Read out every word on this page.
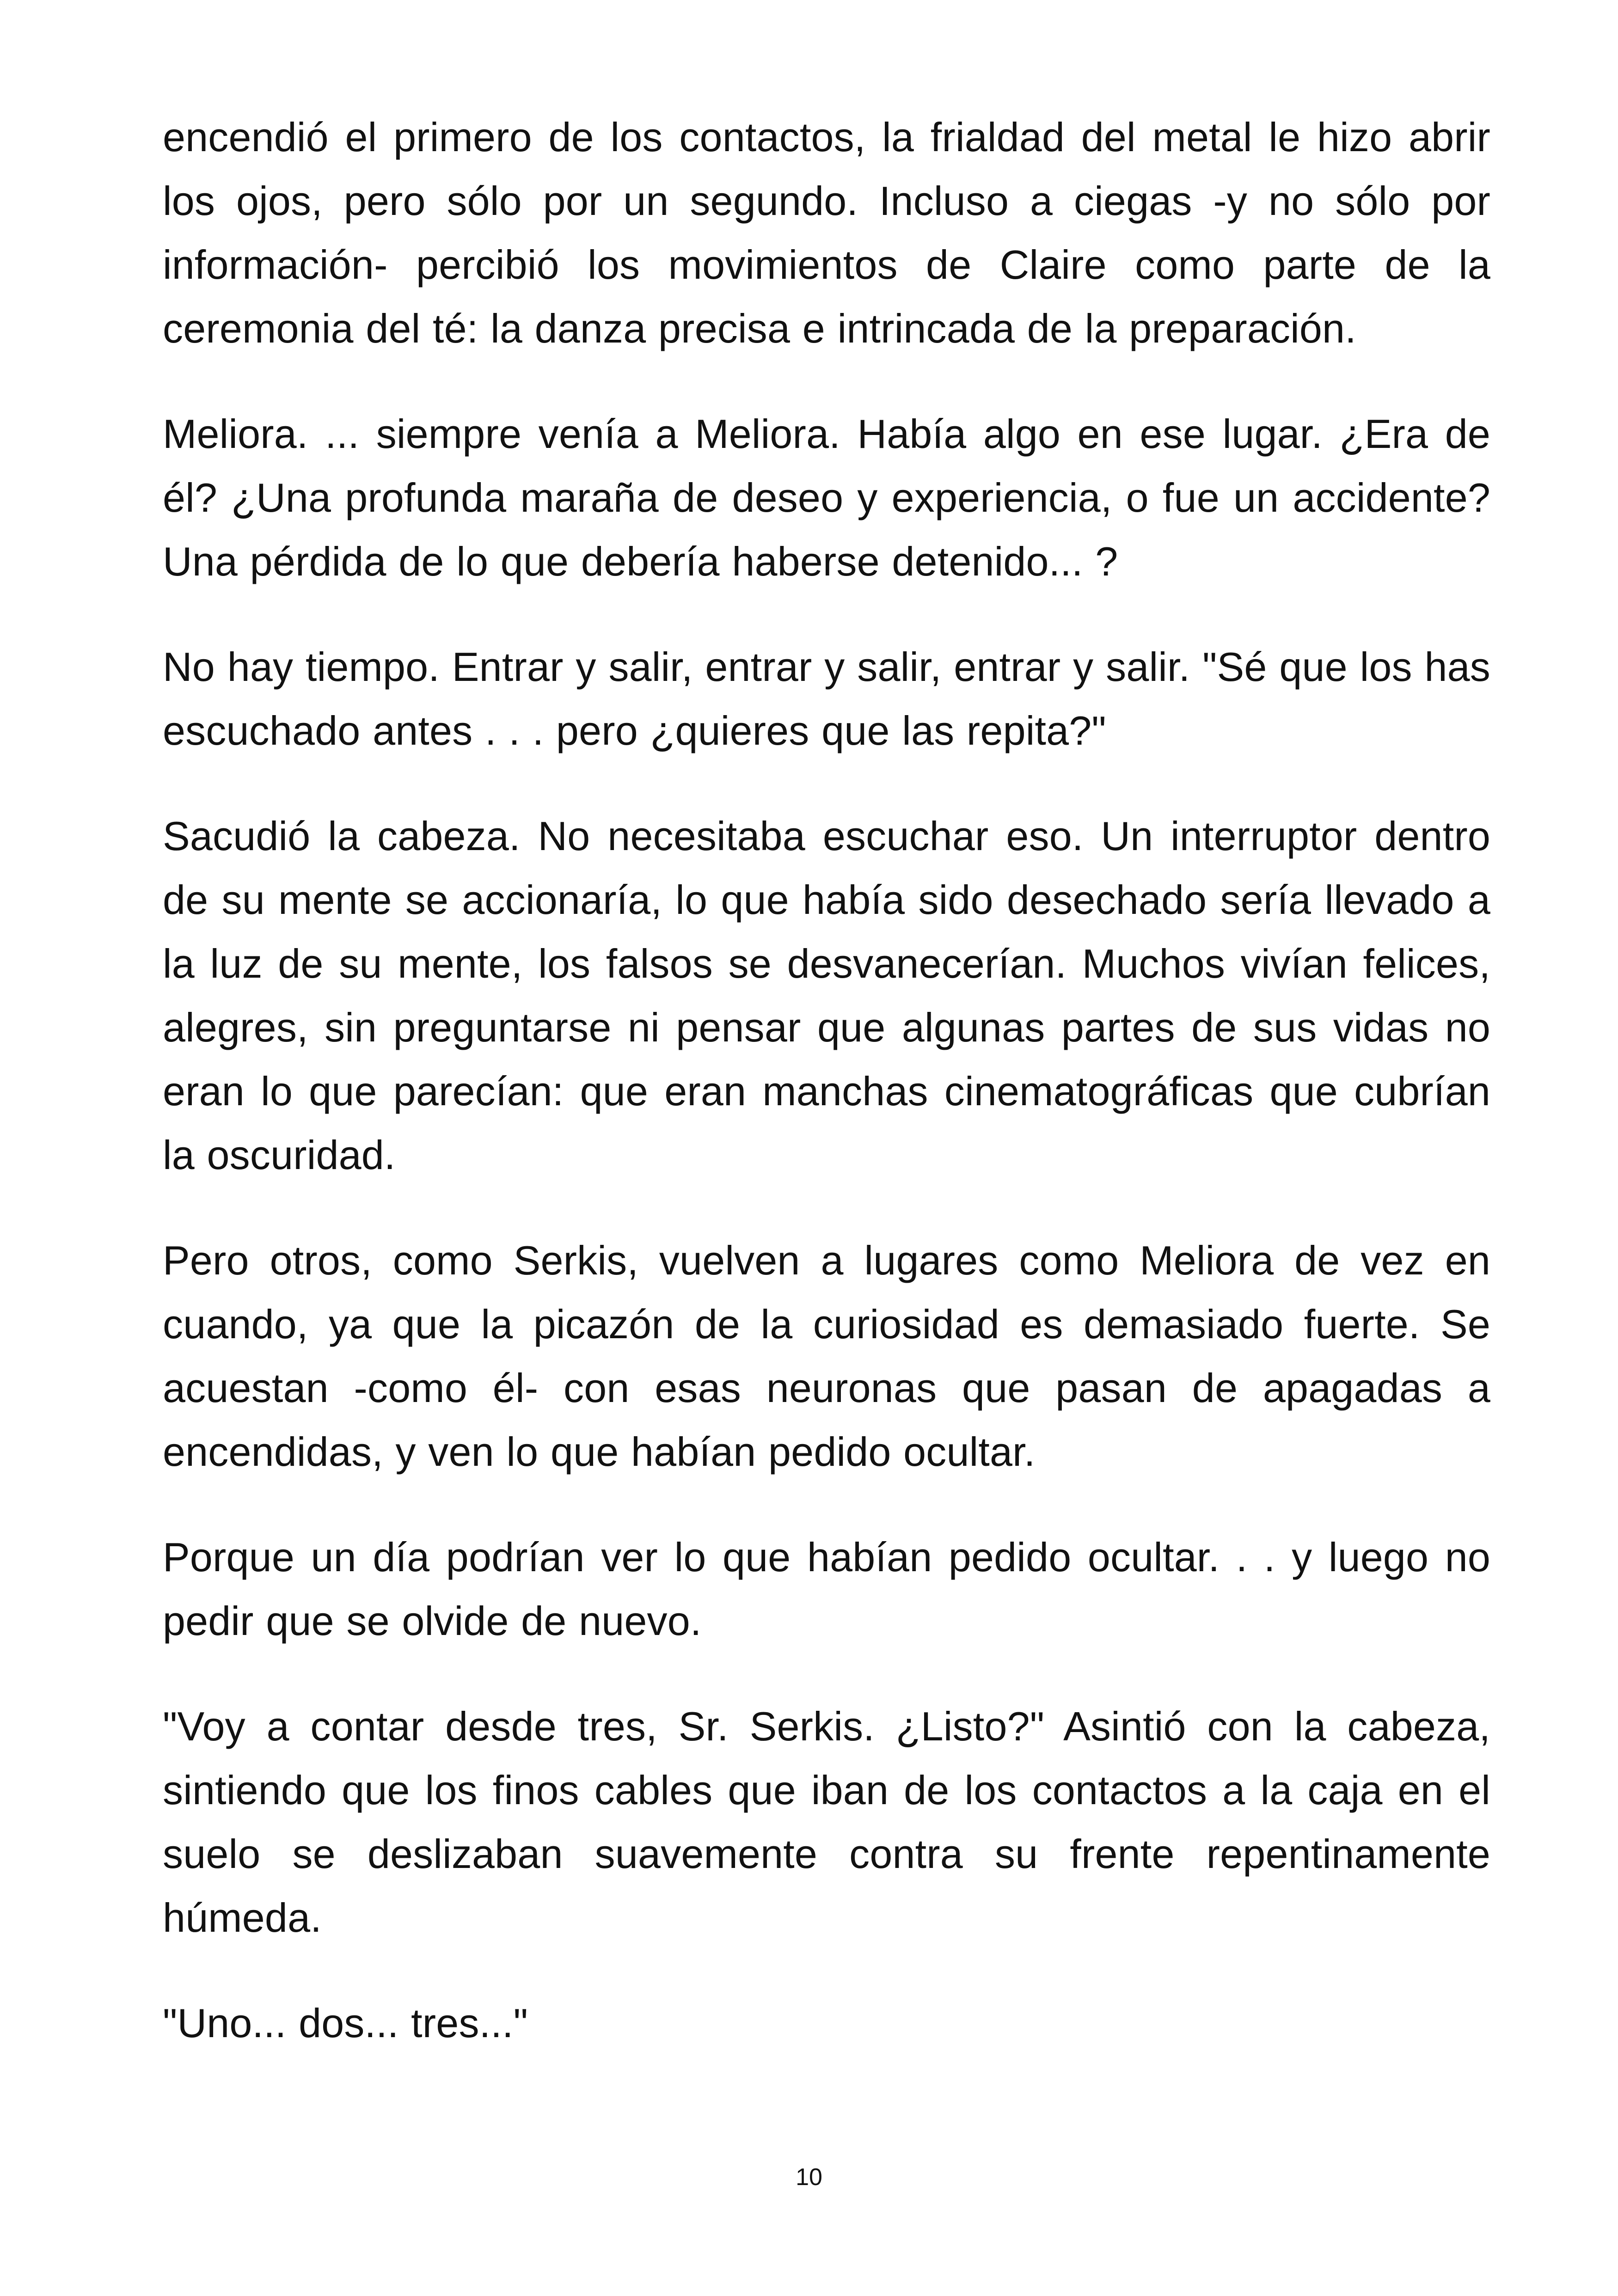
encendió el primero de los contactos, la frialdad del metal le hizo abrir los ojos, pero sólo por un segundo. Incluso a ciegas -y no sólo por información- percibió los movimientos de Claire como parte de la ceremonia del té: la danza precisa e intrincada de la preparación.

Meliora. ... siempre venía a Meliora. Había algo en ese lugar. ¿Era de él? ¿Una profunda maraña de deseo y experiencia, o fue un accidente? Una pérdida de lo que debería haberse detenido... ?

No hay tiempo. Entrar y salir, entrar y salir, entrar y salir. "Sé que los has escuchado antes . . . pero ¿quieres que las repita?"

Sacudió la cabeza. No necesitaba escuchar eso. Un interruptor dentro de su mente se accionaría, lo que había sido desechado sería llevado a la luz de su mente, los falsos se desvanecerían. Muchos vivían felices, alegres, sin preguntarse ni pensar que algunas partes de sus vidas no eran lo que parecían: que eran manchas cinematográficas que cubrían la oscuridad.

Pero otros, como Serkis, vuelven a lugares como Meliora de vez en cuando, ya que la picazón de la curiosidad es demasiado fuerte. Se acuestan -como él- con esas neuronas que pasan de apagadas a encendidas, y ven lo que habían pedido ocultar.

Porque un día podrían ver lo que habían pedido ocultar. . . y luego no pedir que se olvide de nuevo.

"Voy a contar desde tres, Sr. Serkis. ¿Listo?" Asintió con la cabeza, sintiendo que los finos cables que iban de los contactos a la caja en el suelo se deslizaban suavemente contra su frente repentinamente húmeda.

"Uno... dos... tres..."

10
